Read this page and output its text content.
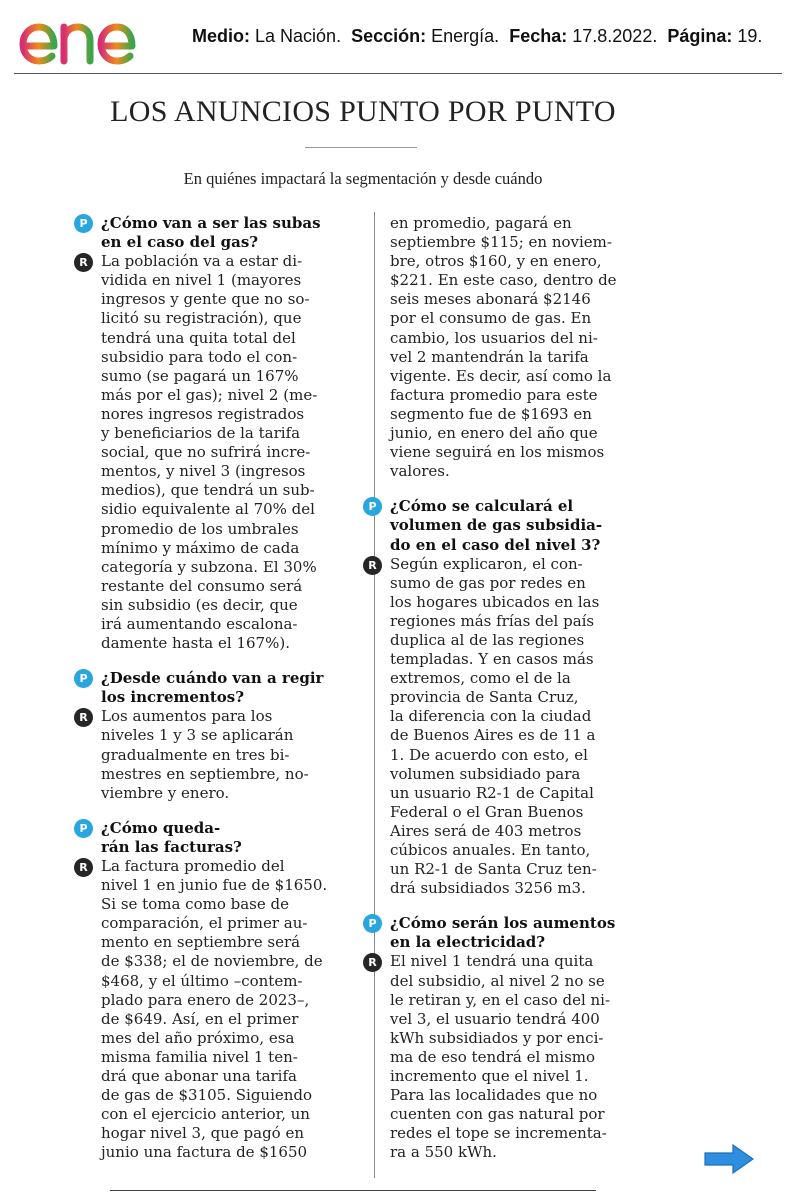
Medio: La Nación. Sección: Energía. Fecha: 17.8.2022. Página: 19.
LOS ANUNCIOS PUNTO POR PUNTO
En quiénes impactará la segmentación y desde cuándo
P ¿Cómo van a ser las subas
en el caso del gas?
R La población va a estar di-
vidida en nivel 1 (mayores
ingresos y gente que no so-
licitó su registración), que
tendrá una quita total del
subsidio para todo el con-
sumo (se pagará un 167%
más por el gas); nivel 2 (me-
nores ingresos registrados
y beneficiarios de la tarifa
social, que no sufrirá incre-
mentos, y nivel 3 (ingresos
medios), que tendrá un sub-
sidio equivalente al 70% del
promedio de los umbrales
mínimo y máximo de cada
categoría y subzona. El 30%
restante del consumo será
sin subsidio (es decir, que
irá aumentando escalona-
damente hasta el 167%).
P ¿Desde cuándo van a regir
los incrementos?
R Los aumentos para los
niveles 1 y 3 se aplicarán
gradualmente en tres bi-
mestres en septiembre, no-
viembre y enero.
P ¿Cómo queda-
rán las facturas?
R La factura promedio del
nivel 1 en junio fue de $1650.
Si se toma como base de
comparación, el primer au-
mento en septiembre será
de $338; el de noviembre, de
$468, y el último –contem-
plado para enero de 2023–,
de $649. Así, en el primer
mes del año próximo, esa
misma familia nivel 1 ten-
drá que abonar una tarifa
de gas de $3105. Siguiendo
con el ejercicio anterior, un
hogar nivel 3, que pagó en
junio una factura de $1650
en promedio, pagará en
septiembre $115; en noviem-
bre, otros $160, y en enero,
$221. En este caso, dentro de
seis meses abonará $2146
por el consumo de gas. En
cambio, los usuarios del ni-
vel 2 mantendrán la tarifa
vigente. Es decir, así como la
factura promedio para este
segmento fue de $1693 en
junio, en enero del año que
viene seguirá en los mismos
valores.
P ¿Cómo se calculará el
volumen de gas subsidia-
do en el caso del nivel 3?
R Según explicaron, el con-
sumo de gas por redes en
los hogares ubicados en las
regiones más frías del país
duplica al de las regiones
templadas. Y en casos más
extremos, como el de la
provincia de Santa Cruz,
la diferencia con la ciudad
de Buenos Aires es de 11 a
1. De acuerdo con esto, el
volumen subsidiado para
un usuario R2-1 de Capital
Federal o el Gran Buenos
Aires será de 403 metros
cúbicos anuales. En tanto,
un R2-1 de Santa Cruz ten-
drá subsidiados 3256 m3.
P ¿Cómo serán los aumentos
en la electricidad?
R El nivel 1 tendrá una quita
del subsidio, al nivel 2 no se
le retiran y, en el caso del ni-
vel 3, el usuario tendrá 400
kWh subsidiados y por enci-
ma de eso tendrá el mismo
incremento que el nivel 1.
Para las localidades que no
cuenten con gas natural por
redes el tope se incrementa-
ra a 550 kWh.
